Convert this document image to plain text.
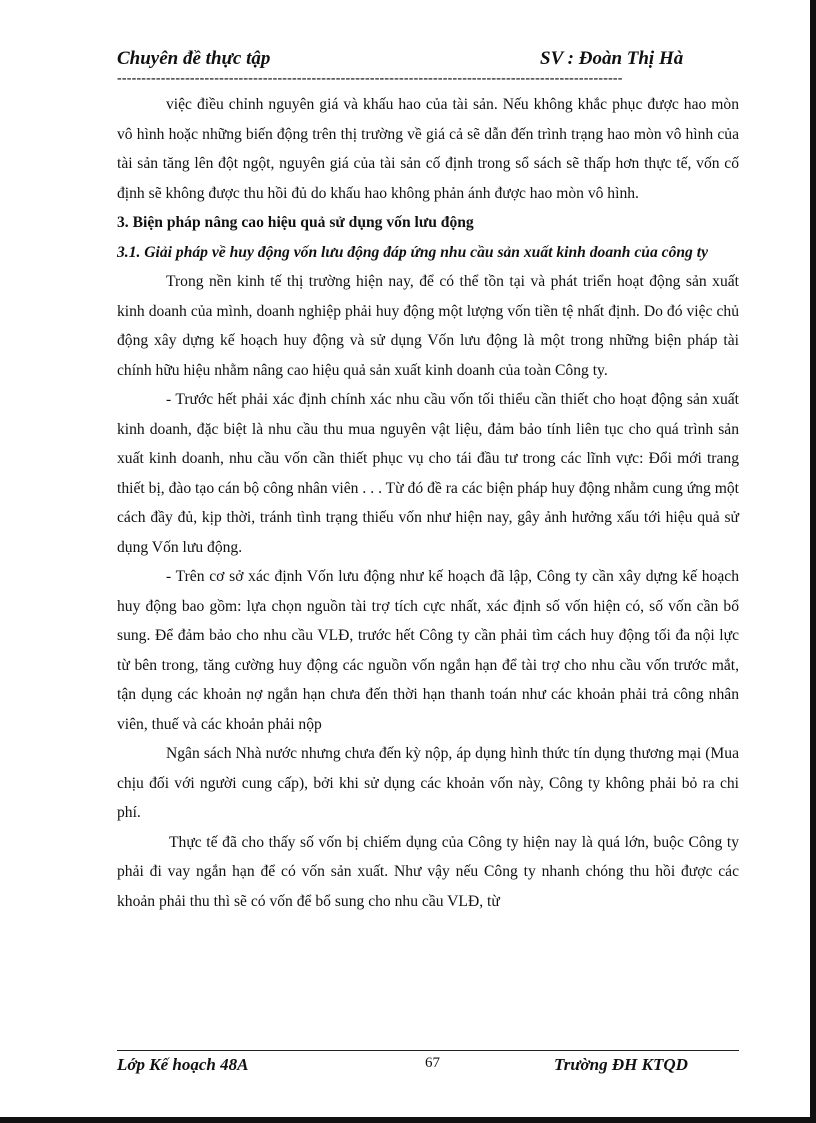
Chuyên đề thực tập	SV : Đoàn Thị Hà
--------------------------------------------------------------------------------------------------------

việc điều chỉnh nguyên giá và khấu hao của tài sản. Nếu không khắc phục được hao mòn vô hình hoặc những biến động trên thị trường về giá cả sẽ dẫn đến trình trạng hao mòn vô hình của tài sản tăng lên đột ngột, nguyên giá của tài sản cố định trong sổ sách sẽ thấp hơn thực tế, vốn cố định sẽ không được thu hồi đủ do khấu hao không phản ánh được hao mòn vô hình.

3. Biện pháp nâng cao hiệu quả sử dụng vốn lưu động

3.1. Giải pháp về huy động vốn lưu động đáp ứng nhu cầu sản xuất kinh doanh của công ty

Trong nền kinh tế thị trường hiện nay, để có thể tồn tại và phát triển hoạt động sản xuất kinh doanh của mình, doanh nghiệp phải huy động một lượng vốn tiền tệ nhất định. Do đó việc chủ động xây dựng kế hoạch huy động và sử dụng Vốn lưu động là một trong những biện pháp tài chính hữu hiệu nhằm nâng cao hiệu quả sản xuất kinh doanh của toàn Công ty.

- Trước hết phải xác định chính xác nhu cầu vốn tối thiểu cần thiết cho hoạt động sản xuất kinh doanh, đặc biệt là nhu cầu thu mua nguyên vật liệu, đảm bảo tính liên tục cho quá trình sản xuất kinh doanh, nhu cầu vốn cần thiết phục vụ cho tái đầu tư trong các lĩnh vực: Đổi mới trang thiết bị, đào tạo cán bộ công nhân viên . . . Từ đó đề ra các biện pháp huy động nhằm cung ứng một cách đầy đủ, kịp thời, tránh tình trạng thiếu vốn như hiện nay, gây ảnh hưởng xấu tới hiệu quả sử dụng Vốn lưu động.

- Trên cơ sở xác định Vốn lưu động như kế hoạch đã lập, Công ty cần xây dựng kế hoạch huy động bao gồm: lựa chọn nguồn tài trợ tích cực nhất, xác định số vốn hiện có, số vốn cần bổ sung. Để đảm bảo cho nhu cầu VLĐ, trước hết Công ty cần phải tìm cách huy động tối đa nội lực từ bên trong, tăng cường huy động các nguồn vốn ngắn hạn để tài trợ cho nhu cầu vốn trước mắt, tận dụng các khoản nợ ngắn hạn chưa đến thời hạn thanh toán như các khoản phải trả công nhân viên, thuế và các khoản phải nộp

Ngân sách Nhà nước nhưng chưa đến kỳ nộp, áp dụng hình thức tín dụng thương mại (Mua chịu đối với người cung cấp), bởi khi sử dụng các khoản vốn này, Công ty không phải bỏ ra chi phí.

Thực tế đã cho thấy số vốn bị chiếm dụng của Công ty hiện nay là quá lớn, buộc Công ty phải đi vay ngắn hạn để có vốn sản xuất. Như vậy nếu Công ty nhanh chóng thu hồi được các khoản phải thu thì sẽ có vốn để bổ sung cho nhu cầu VLĐ, từ

Lớp Kế hoạch 48A	67	Trường ĐH KTQD
